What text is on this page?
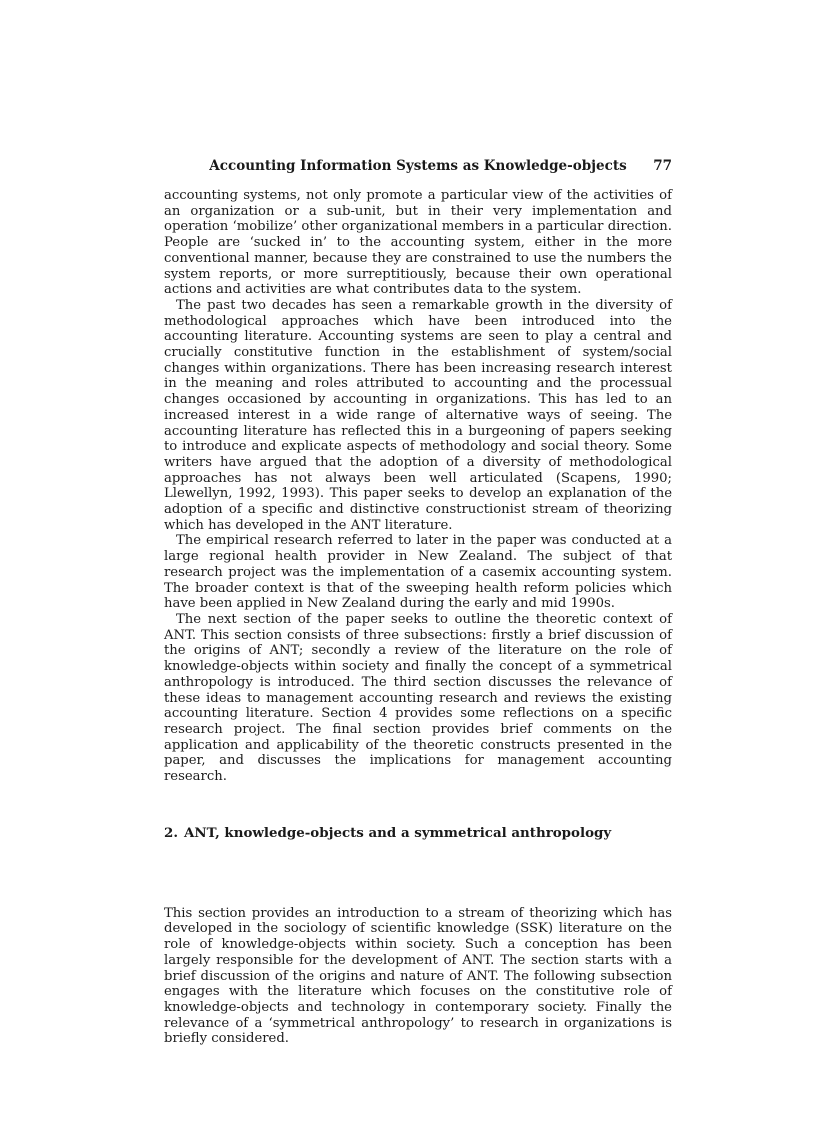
Accounting Information Systems as Knowledge-objects	77

accounting systems, not only promote a particular view of the activities of an organization or a sub-unit, but in their very implementation and operation ‘mobilize’ other organizational members in a particular direction. People are ‘sucked in’ to the accounting system, either in the more conventional manner, because they are constrained to use the numbers the system reports, or more surreptitiously, because their own operational actions and activities are what contributes data to the system.

The past two decades has seen a remarkable growth in the diversity of methodological approaches which have been introduced into the accounting literature. Accounting systems are seen to play a central and crucially constitutive function in the establishment of system/social changes within organizations. There has been increasing research interest in the meaning and roles attributed to accounting and the processual changes occasioned by accounting in organizations. This has led to an increased interest in a wide range of alternative ways of seeing. The accounting literature has reflected this in a burgeoning of papers seeking to introduce and explicate aspects of methodology and social theory. Some writers have argued that the adoption of a diversity of methodological approaches has not always been well articulated (Scapens, 1990; Llewellyn, 1992, 1993). This paper seeks to develop an explanation of the adoption of a specific and distinctive constructionist stream of theorizing which has developed in the ANT literature.

The empirical research referred to later in the paper was conducted at a large regional health provider in New Zealand. The subject of that research project was the implementation of a casemix accounting system. The broader context is that of the sweeping health reform policies which have been applied in New Zealand during the early and mid 1990s.

The next section of the paper seeks to outline the theoretic context of ANT. This section consists of three subsections: firstly a brief discussion of the origins of ANT; secondly a review of the literature on the role of knowledge-objects within society and finally the concept of a symmetrical anthropology is introduced. The third section discusses the relevance of these ideas to management accounting research and reviews the existing accounting literature. Section 4 provides some reflections on a specific research project. The final section provides brief comments on the application and applicability of the theoretic constructs presented in the paper, and discusses the implications for management accounting research.

2. ANT, knowledge-objects and a symmetrical anthropology

This section provides an introduction to a stream of theorizing which has developed in the sociology of scientific knowledge (SSK) literature on the role of knowledge-objects within society. Such a conception has been largely responsible for the development of ANT. The section starts with a brief discussion of the origins and nature of ANT. The following subsection engages with the literature which focuses on the constitutive role of knowledge-objects and technology in contemporary society. Finally the relevance of a ‘symmetrical anthropology’ to research in organizations is briefly considered.
